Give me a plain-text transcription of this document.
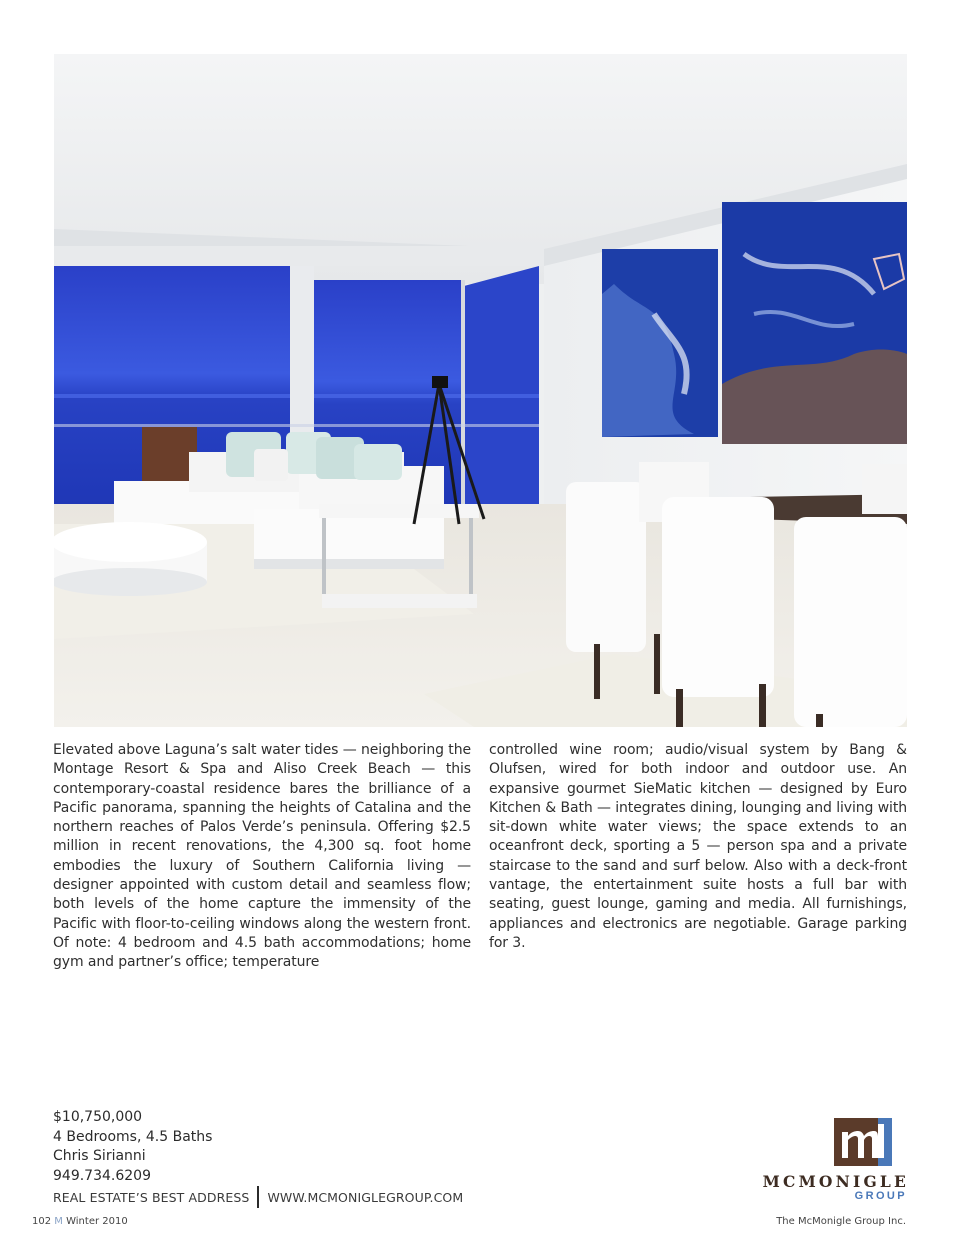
Elevated above Laguna’s salt water tides — neighboring the Montage Resort & Spa and Aliso Creek Beach — this contemporary-coastal residence bares the brilliance of a Pacific panorama, spanning the heights of Catalina and the northern reaches of Palos Verde’s peninsula. Offering $2.5 million in recent renovations, the 4,300 sq. foot home embodies the luxury of Southern California living — designer appointed with custom detail and seamless flow; both levels of the home capture the immensity of the Pacific with floor-to-ceiling windows along the western front. Of note: 4 bedroom and 4.5 bath accommodations; home gym and partner’s office; temperature

controlled wine room; audio/visual system by Bang & Olufsen, wired for both indoor and outdoor use. An expansive gourmet SieMatic kitchen — designed by Euro Kitchen & Bath — integrates dining, lounging and living with sit-down white water views; the space extends to an oceanfront deck, sporting a 5 — person spa and a private staircase to the sand and surf below. Also with a deck-front vantage, the entertainment suite hosts a full bar with seating, guest lounge, gaming and media. All furnishings, appliances and electronics are negotiable. Garage parking for 3.

$10,750,000
4 Bedrooms, 4.5 Baths
Chris Sirianni
949.734.6209
REAL ESTATE’S BEST ADDRESS WWW.MCMONIGLEGROUP.COM
MCMONIGLE
GROUP
102 M Winter 2010	The McMonigle Group Inc.
